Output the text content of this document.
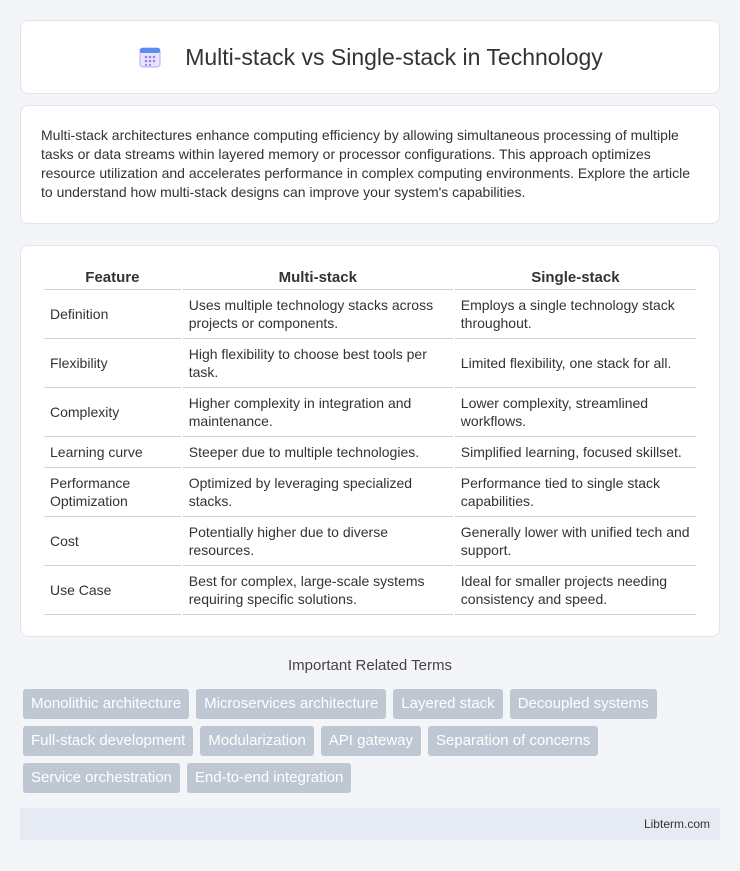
Multi-stack vs Single-stack in Technology

Multi-stack architectures enhance computing efficiency by allowing simultaneous processing of multiple tasks or data streams within layered memory or processor configurations. This approach optimizes resource utilization and accelerates performance in complex computing environments. Explore the article to understand how multi-stack designs can improve your system's capabilities.

Feature	Multi-stack	Single-stack
Definition	Uses multiple technology stacks across projects or components.	Employs a single technology stack throughout.
Flexibility	High flexibility to choose best tools per task.	Limited flexibility, one stack for all.
Complexity	Higher complexity in integration and maintenance.	Lower complexity, streamlined workflows.
Learning curve	Steeper due to multiple technologies.	Simplified learning, focused skillset.
Performance Optimization	Optimized by leveraging specialized stacks.	Performance tied to single stack capabilities.
Cost	Potentially higher due to diverse resources.	Generally lower with unified tech and support.
Use Case	Best for complex, large-scale systems requiring specific solutions.	Ideal for smaller projects needing consistency and speed.
Important Related Terms
Monolithic architecture	Microservices architecture	Layered stack	Decoupled systems
Full-stack development	Modularization	API gateway	Separation of concerns
Service orchestration	End-to-end integration
Libterm.com
